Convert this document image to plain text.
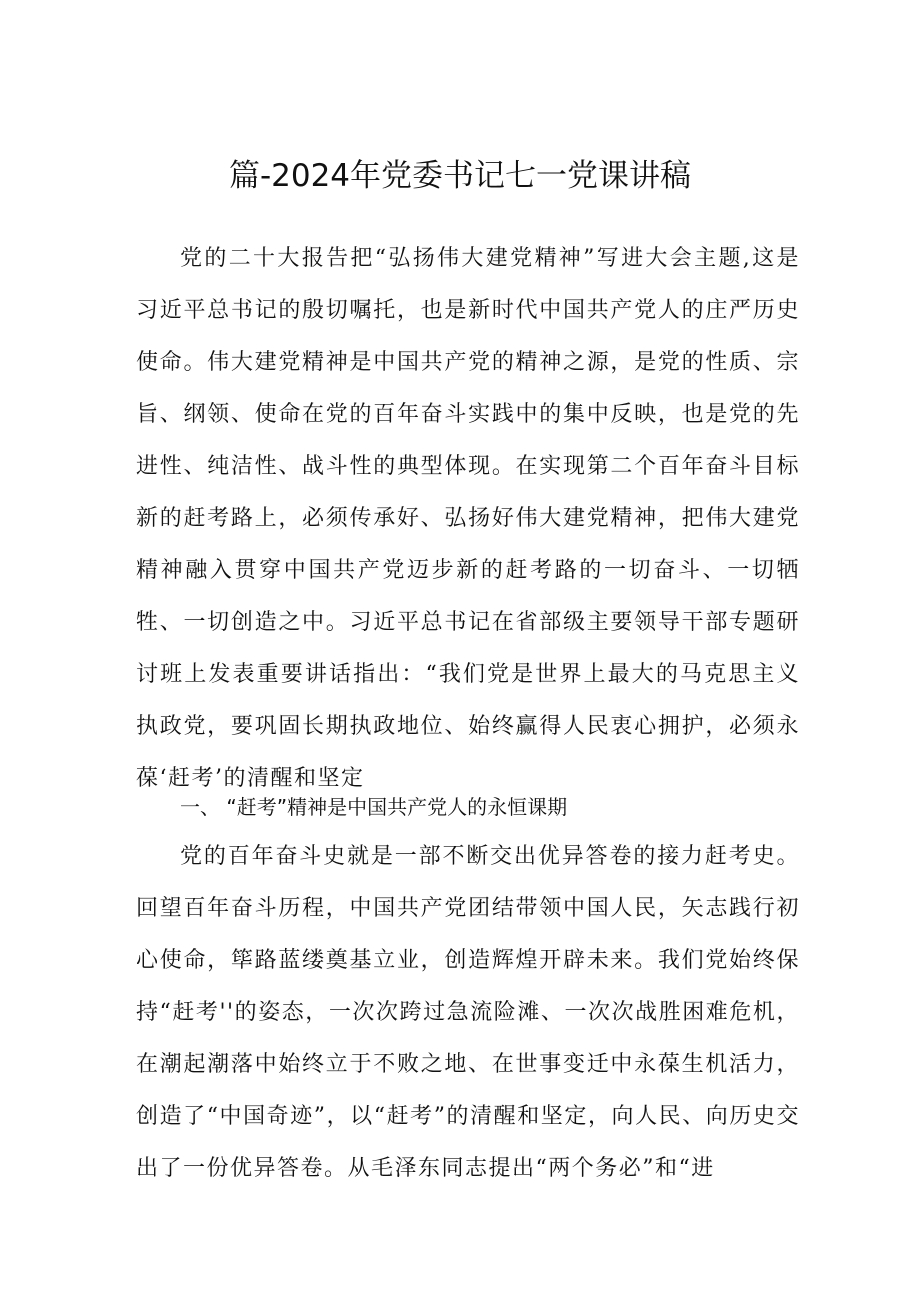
篇-2024年党委书记七一党课讲稿

党的二十大报告把“弘扬伟大建党精神”写进大会主题,这是习近平总书记的殷切嘱托，也是新时代中国共产党人的庄严历史使命。伟大建党精神是中国共产党的精神之源，是党的性质、宗旨、纲领、使命在党的百年奋斗实践中的集中反映，也是党的先进性、纯洁性、战斗性的典型体现。在实现第二个百年奋斗目标新的赶考路上，必须传承好、弘扬好伟大建党精神，把伟大建党精神融入贯穿中国共产党迈步新的赶考路的一切奋斗、一切牺牲、一切创造之中。习近平总书记在省部级主要领导干部专题研讨班上发表重要讲话指出：“我们党是世界上最大的马克思主义执政党，要巩固长期执政地位、始终赢得人民衷心拥护，必须永葆‘赶考’的清醒和坚定

一、 “赶考”精神是中国共产党人的永恒课期

党的百年奋斗史就是一部不断交出优异答卷的接力赶考史。回望百年奋斗历程，中国共产党团结带领中国人民，矢志践行初心使命，筚路蓝缕奠基立业，创造辉煌开辟未来。我们党始终保持“赶考''的姿态，一次次跨过急流险滩、一次次战胜困难危机，在潮起潮落中始终立于不败之地、在世事变迁中永葆生机活力，创造了“中国奇迹”，以“赶考”的清醒和坚定，向人民、向历史交出了一份优异答卷。从毛泽东同志提出“两个务必”和“进
